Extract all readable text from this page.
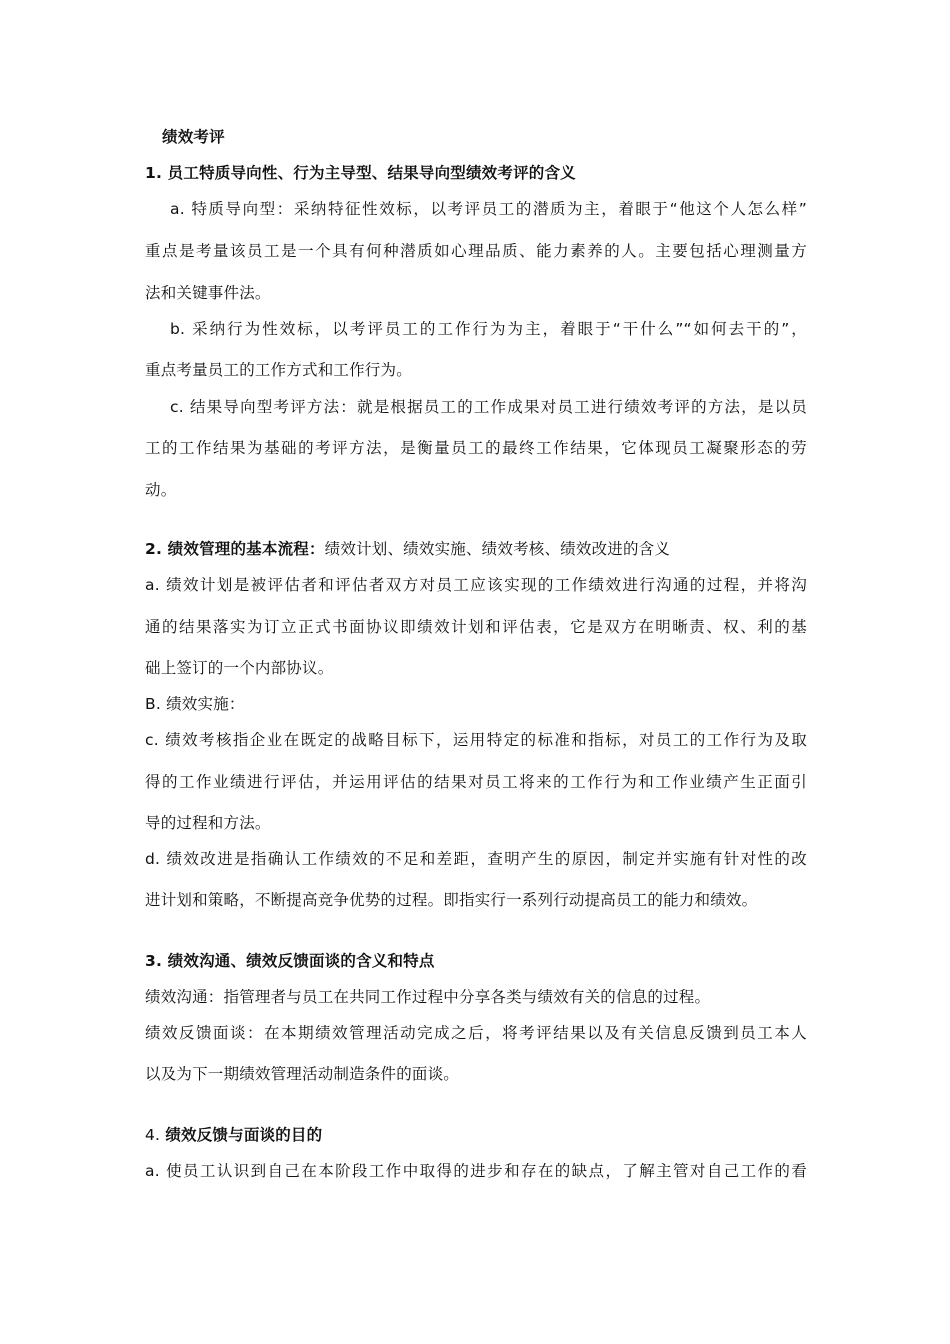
绩效考评
1. 员工特质导向性、行为主导型、结果导向型绩效考评的含义
a. 特质导向型：采纳特征性效标，以考评员工的潜质为主，着眼于“他这个人怎么样”
重点是考量该员工是一个具有何种潜质如心理品质、能力素养的人。主要包括心理测量方
法和关键事件法。
b. 采纳行为性效标，以考评员工的工作行为为主，着眼于“干什么”“如何去干的”，
重点考量员工的工作方式和工作行为。
c. 结果导向型考评方法：就是根据员工的工作成果对员工进行绩效考评的方法，是以员
工的工作结果为基础的考评方法，是衡量员工的最终工作结果，它体现员工凝聚形态的劳
动。
2. 绩效管理的基本流程：绩效计划、绩效实施、绩效考核、绩效改进的含义
a. 绩效计划是被评估者和评估者双方对员工应该实现的工作绩效进行沟通的过程，并将沟
通的结果落实为订立正式书面协议即绩效计划和评估表，它是双方在明晰责、权、利的基
础上签订的一个内部协议。
B. 绩效实施：
c. 绩效考核指企业在既定的战略目标下，运用特定的标准和指标，对员工的工作行为及取
得的工作业绩进行评估，并运用评估的结果对员工将来的工作行为和工作业绩产生正面引
导的过程和方法。
d. 绩效改进是指确认工作绩效的不足和差距，查明产生的原因，制定并实施有针对性的改
进计划和策略，不断提高竞争优势的过程。即指实行一系列行动提高员工的能力和绩效。
3. 绩效沟通、绩效反馈面谈的含义和特点
绩效沟通：指管理者与员工在共同工作过程中分享各类与绩效有关的信息的过程。
绩效反馈面谈：在本期绩效管理活动完成之后，将考评结果以及有关信息反馈到员工本人
以及为下一期绩效管理活动制造条件的面谈。
4. 绩效反馈与面谈的目的
a. 使员工认识到自己在本阶段工作中取得的进步和存在的缺点，了解主管对自己工作的看
